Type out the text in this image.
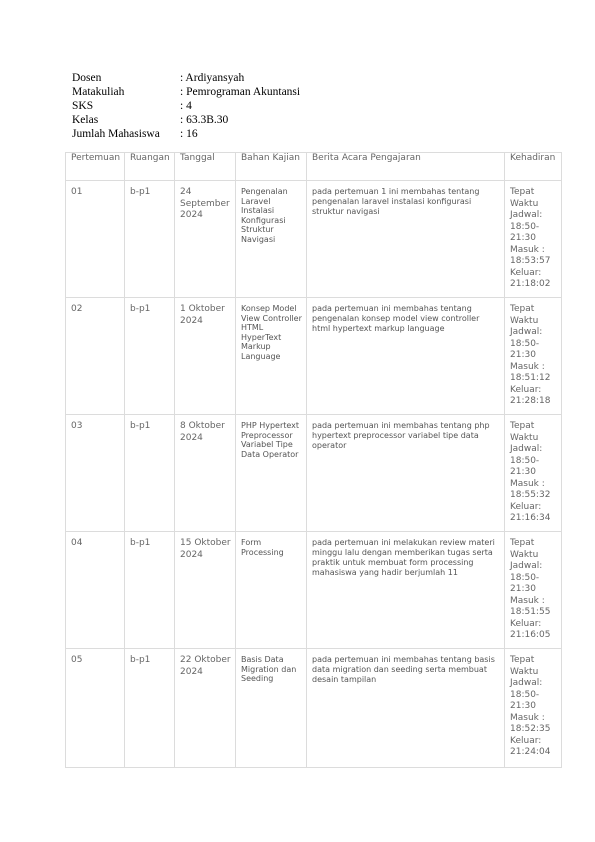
Dosen	: Ardiyansyah
Matakuliah	: Pemrograman Akuntansi
SKS	: 4
Kelas	: 63.3B.30
Jumlah Mahasiswa	: 16
Pertemuan	Ruangan	Tanggal	Bahan Kajian	Berita Acara Pengajaran	Kehadiran
01	b-p1	24 September 2024	Pengenalan Laravel Instalasi Konfigurasi Struktur Navigasi	pada pertemuan 1 ini membahas tentang pengenalan laravel instalasi konfigurasi struktur navigasi	Tepat Waktu
Jadwal: 18:50-21:30
Masuk : 18:53:57
Keluar: 21:18:02
02	b-p1	1 Oktober 2024	Konsep Model View Controller HTML HyperText Markup Language	pada pertemuan ini membahas tentang pengenalan konsep model view controller html hypertext markup language	Tepat Waktu
Jadwal: 18:50-21:30
Masuk : 18:51:12
Keluar: 21:28:18
03	b-p1	8 Oktober 2024	PHP Hypertext Preprocessor Variabel Tipe Data Operator	pada pertemuan ini membahas tentang php hypertext preprocessor variabel tipe data operator	Tepat Waktu
Jadwal: 18:50-21:30
Masuk : 18:55:32
Keluar: 21:16:34
04	b-p1	15 Oktober 2024	Form Processing	pada pertemuan ini melakukan review materi minggu lalu dengan memberikan tugas serta praktik untuk membuat form processing mahasiswa yang hadir berjumlah 11	Tepat Waktu
Jadwal: 18:50-21:30
Masuk : 18:51:55
Keluar: 21:16:05
05	b-p1	22 Oktober 2024	Basis Data Migration dan Seeding	pada pertemuan ini membahas tentang basis data migration dan seeding serta membuat desain tampilan	Tepat Waktu
Jadwal: 18:50-21:30
Masuk : 18:52:35
Keluar: 21:24:04
